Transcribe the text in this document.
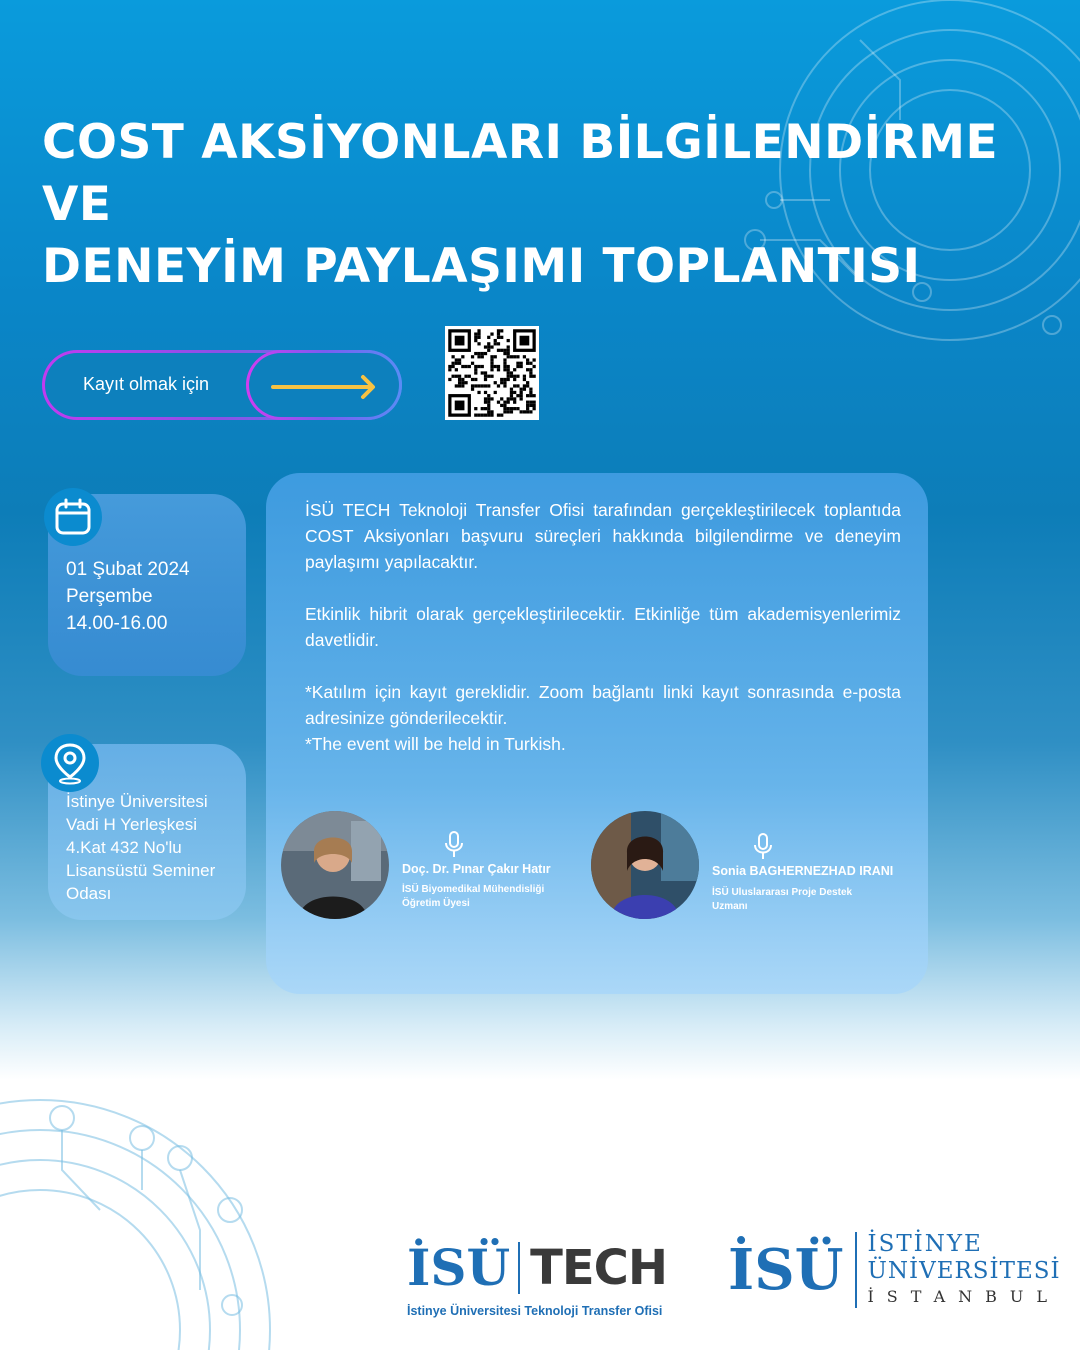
COST AKSİYONLARI BİLGİLENDİRME VE
DENEYİM PAYLAŞIMI TOPLANTISI
Kayıt olmak için
01 Şubat 2024
Perşembe
14.00-16.00
İstinye Üniversitesi
Vadi H Yerleşkesi
4.Kat 432 No'lu
Lisansüstü Seminer
Odası

İSÜ TECH Teknoloji Transfer Ofisi tarafından gerçekleştirilecek toplantıda COST Aksiyonları başvuru süreçleri hakkında bilgilendirme ve deneyim paylaşımı yapılacaktır.

Etkinlik hibrit olarak gerçekleştirilecektir. Etkinliğe tüm akademisyenlerimiz davetlidir.

*Katılım için kayıt gereklidir. Zoom bağlantı linki kayıt sonrasında e-posta adresinize gönderilecektir.

*The event will be held in Turkish.

Doç. Dr. Pınar Çakır Hatır
İSÜ Biyomedikal Mühendisliği
Öğretim Üyesi
Sonia BAGHERNEZHAD IRANI
İSÜ Uluslararası Proje Destek
Uzmanı
İSÜ TECH
İstinye Üniversitesi Teknoloji Transfer Ofisi
İSÜ İSTİNYE
ÜNİVERSİTESİ
İSTANBUL
